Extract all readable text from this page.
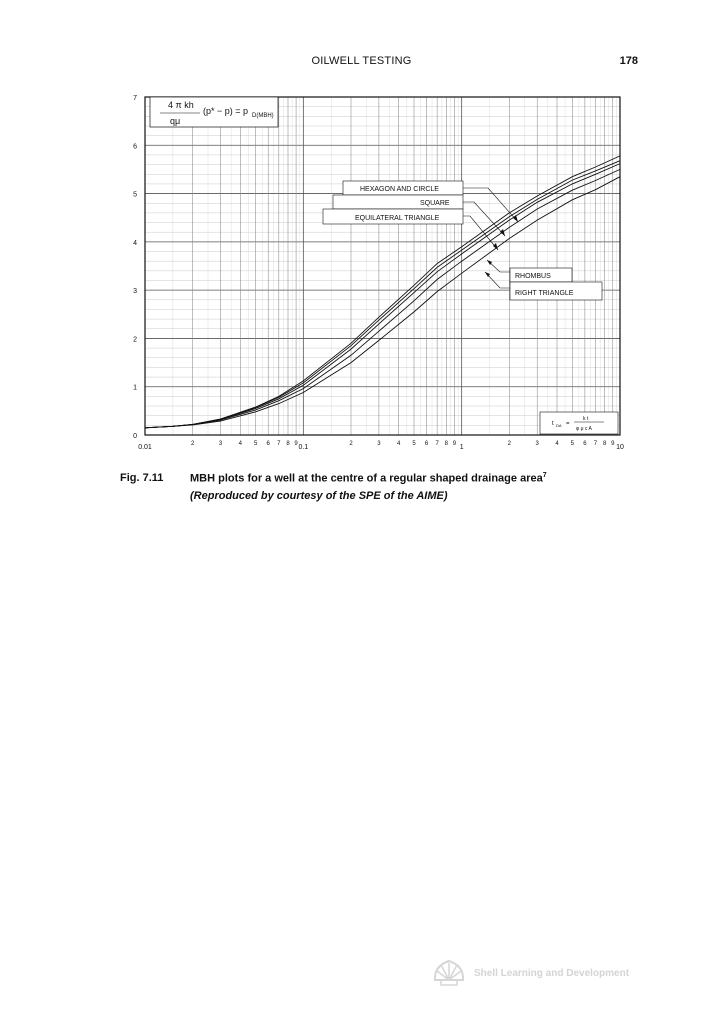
OILWELL TESTING	178
0
1
2
3
4
5
6
7
0.01	2	3	4 5 6 7 8 9 0.1	2	3	4 5 6 7 8 9 1	2	3	4 5 6 7 8 9 10
4 π kh
qμ
(p* − p) = p D(MBH)
t DA =
k t
φ μ c A
HEXAGON AND CIRCLE
SQUARE
EQUILATERAL TRIANGLE
RHOMBUS
RIGHT TRIANGLE
Fig. 7.11 MBH plots for a well at the centre of a regular shaped drainage area$^7$
(Reproduced by courtesy of the SPE of the AIME)
Shell Learning and Development
